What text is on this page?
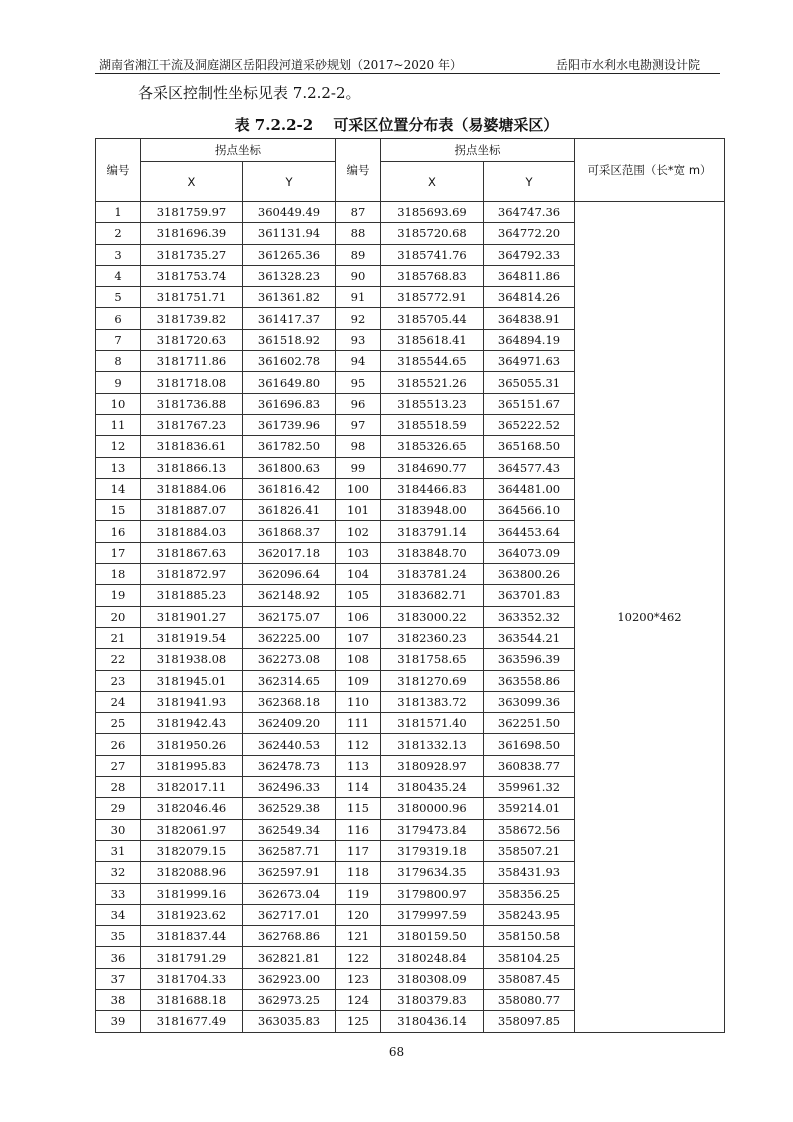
湖南省湘江干流及洞庭湖区岳阳段河道采砂规划（2017~2020 年）	岳阳市水利水电勘测设计院
各采区控制性坐标见表 7.2.2-2。
表 7.2.2-2　 可采区位置分布表（易婆塘采区）
编号	拐点坐标		编号	拐点坐标		可采区范围（长*宽 m）
	X	Y		X	Y	
1	3181759.97	360449.49	87	3185693.69	364747.36	10200*462
2	3181696.39	361131.94	88	3185720.68	364772.20	
3	3181735.27	361265.36	89	3185741.76	364792.33	
4	3181753.74	361328.23	90	3185768.83	364811.86	
5	3181751.71	361361.82	91	3185772.91	364814.26	
6	3181739.82	361417.37	92	3185705.44	364838.91	
7	3181720.63	361518.92	93	3185618.41	364894.19	
8	3181711.86	361602.78	94	3185544.65	364971.63	
9	3181718.08	361649.80	95	3185521.26	365055.31	
10	3181736.88	361696.83	96	3185513.23	365151.67	
11	3181767.23	361739.96	97	3185518.59	365222.52	
12	3181836.61	361782.50	98	3185326.65	365168.50	
13	3181866.13	361800.63	99	3184690.77	364577.43	
14	3181884.06	361816.42	100	3184466.83	364481.00	
15	3181887.07	361826.41	101	3183948.00	364566.10	
16	3181884.03	361868.37	102	3183791.14	364453.64	
17	3181867.63	362017.18	103	3183848.70	364073.09	
18	3181872.97	362096.64	104	3183781.24	363800.26	
19	3181885.23	362148.92	105	3183682.71	363701.83	
20	3181901.27	362175.07	106	3183000.22	363352.32	
21	3181919.54	362225.00	107	3182360.23	363544.21	
22	3181938.08	362273.08	108	3181758.65	363596.39	
23	3181945.01	362314.65	109	3181270.69	363558.86	
24	3181941.93	362368.18	110	3181383.72	363099.36	
25	3181942.43	362409.20	111	3181571.40	362251.50	
26	3181950.26	362440.53	112	3181332.13	361698.50	
27	3181995.83	362478.73	113	3180928.97	360838.77	
28	3182017.11	362496.33	114	3180435.24	359961.32	
29	3182046.46	362529.38	115	3180000.96	359214.01	
30	3182061.97	362549.34	116	3179473.84	358672.56	
31	3182079.15	362587.71	117	3179319.18	358507.21	
32	3182088.96	362597.91	118	3179634.35	358431.93	
33	3181999.16	362673.04	119	3179800.97	358356.25	
34	3181923.62	362717.01	120	3179997.59	358243.95	
35	3181837.44	362768.86	121	3180159.50	358150.58	
36	3181791.29	362821.81	122	3180248.84	358104.25	
37	3181704.33	362923.00	123	3180308.09	358087.45	
38	3181688.18	362973.25	124	3180379.83	358080.77	
39	3181677.49	363035.83	125	3180436.14	358097.85	
68
